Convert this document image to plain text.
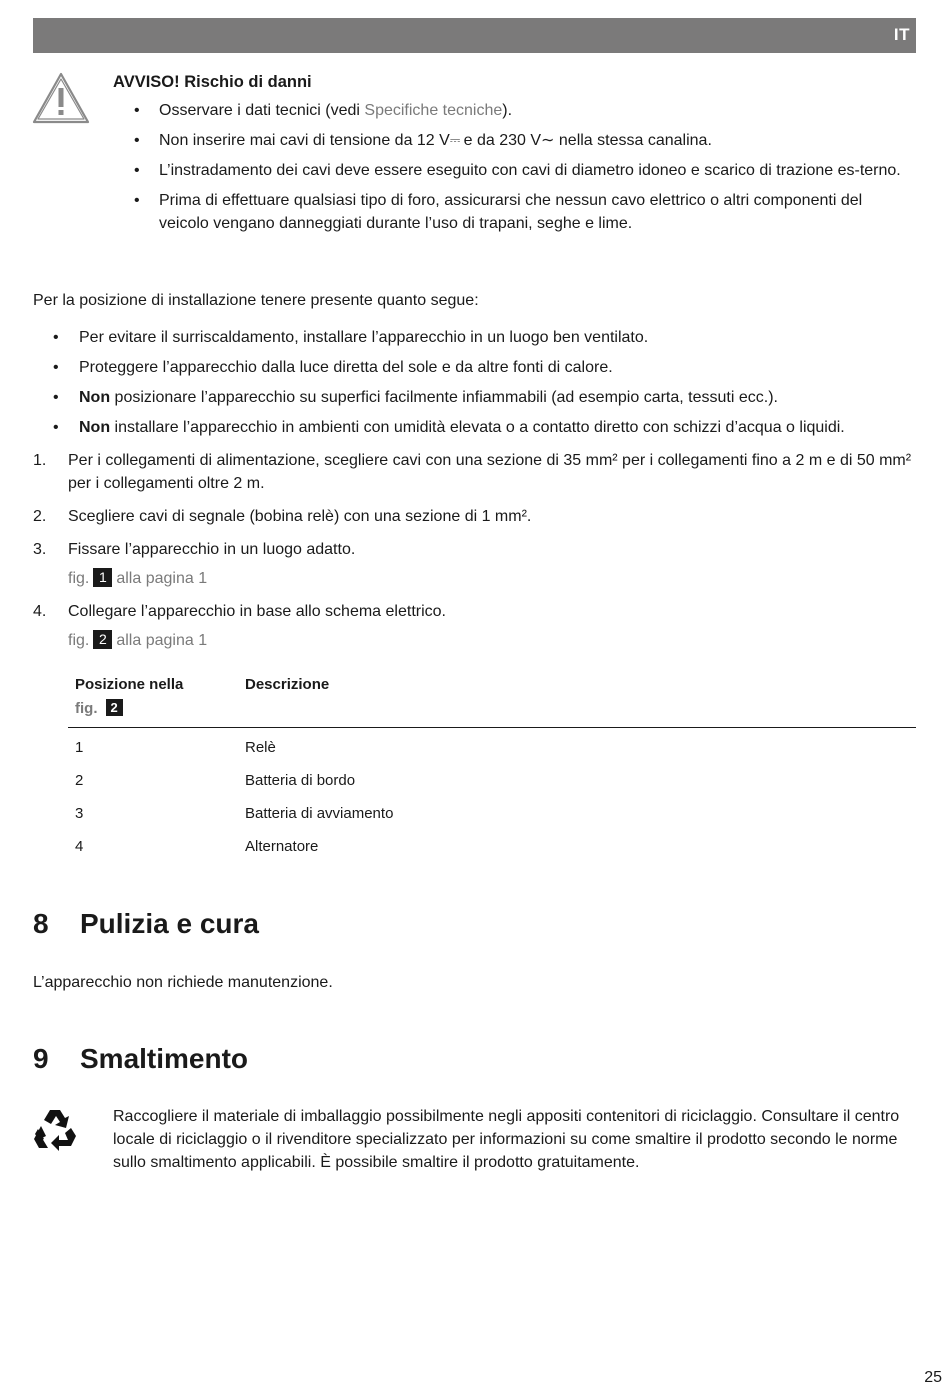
IT

AVVISO! Rischio di danni

• Osservare i dati tecnici (vedi Specifiche tecniche).
• Non inserire mai cavi di tensione da 12 V⎓ e da 230 V∼ nella stessa canalina.
• L’instradamento dei cavi deve essere eseguito con cavi di diametro idoneo e scarico di trazione es-terno.
• Prima di effettuare qualsiasi tipo di foro, assicurarsi che nessun cavo elettrico o altri componenti del veicolo vengano danneggiati durante l’uso di trapani, seghe e lime.
Per la posizione di installazione tenere presente quanto segue:
• Per evitare il surriscaldamento, installare l’apparecchio in un luogo ben ventilato.
• Proteggere l’apparecchio dalla luce diretta del sole e da altre fonti di calore.
• Non posizionare l’apparecchio su superfici facilmente infiammabili (ad esempio carta, tessuti ecc.).
• Non installare l’apparecchio in ambienti con umidità elevata o a contatto diretto con schizzi d’acqua o liquidi.
1. Per i collegamenti di alimentazione, scegliere cavi con una sezione di 35 mm² per i collegamenti fino a 2 m e di 50 mm² per i collegamenti oltre 2 m.
2. Scegliere cavi di segnale (bobina relè) con una sezione di 1 mm².
3. Fissare l’apparecchio in un luogo adatto.
fig. 1 alla pagina 1
4. Collegare l’apparecchio in base allo schema elettrico.
fig. 2 alla pagina 1
Posizione nella
fig. 2	Descrizione
1	Relè
2	Batteria di bordo
3	Batteria di avviamento
4	Alternatore
8 Pulizia e cura

L’apparecchio non richiede manutenzione.

9 Smaltimento

Raccogliere il materiale di imballaggio possibilmente negli appositi contenitori di riciclaggio. Consultare il centro locale di riciclaggio o il rivenditore specializzato per informazioni su come smaltire il prodotto secondo le norme sullo smaltimento applicabili. È possibile smaltire il prodotto gratuitamente.

25
